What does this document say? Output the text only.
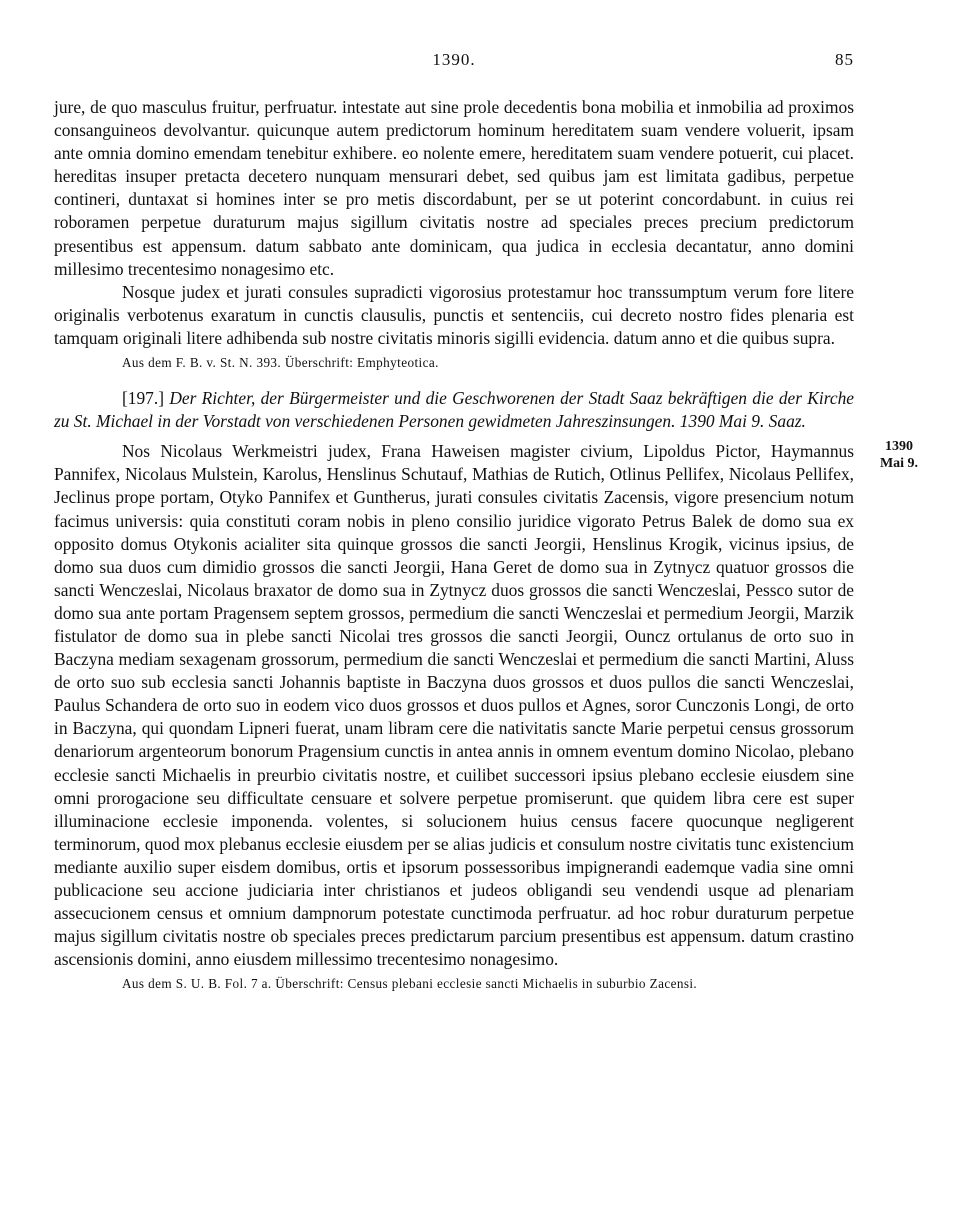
1390.	85
1390
Mai 9.

jure, de quo masculus fruitur, perfruatur. intestate aut sine prole decedentis bona mobilia et inmobilia ad proximos consanguineos devolvantur. quicunque autem predictorum hominum hereditatem suam vendere voluerit, ipsam ante omnia domino emendam tenebitur exhibere. eo nolente emere, hereditatem suam vendere potuerit, cui placet. hereditas insuper pretacta decetero nunquam mensurari debet, sed quibus jam est limitata gadibus, perpetue contineri, duntaxat si homines inter se pro metis discordabunt, per se ut poterint concordabunt. in cuius rei roboramen perpetue duraturum majus sigillum civitatis nostre ad speciales preces precium predictorum presentibus est appensum. datum sabbato ante dominicam, qua judica in ecclesia decantatur, anno domini millesimo trecentesimo nonagesimo etc.

Nosque judex et jurati consules supradicti vigorosius protestamur hoc transsumptum verum fore litere originalis verbotenus exaratum in cunctis clausulis, punctis et sentenciis, cui decreto nostro fides plenaria est tamquam originali litere adhibenda sub nostre civitatis minoris sigilli evidencia. datum anno et die quibus supra.

Aus dem F. B. v. St. N. 393. Überschrift: Emphyteotica.

[197.] Der Richter, der Bürgermeister und die Geschworenen der Stadt Saaz bekräftigen die der Kirche zu St. Michael in der Vorstadt von verschiedenen Personen gewidmeten Jahreszinsungen. 1390 Mai 9. Saaz.

Nos Nicolaus Werkmeistri judex, Frana Haweisen magister civium, Lipoldus Pictor, Haymannus Pannifex, Nicolaus Mulstein, Karolus, Henslinus Schutauf, Mathias de Rutich, Otlinus Pellifex, Nicolaus Pellifex, Jeclinus prope portam, Otyko Pannifex et Guntherus, jurati consules civitatis Zacensis, vigore presencium notum facimus universis: quia constituti coram nobis in pleno consilio juridice vigorato Petrus Balek de domo sua ex opposito domus Otykonis acialiter sita quinque grossos die sancti Jeorgii, Henslinus Krogik, vicinus ipsius, de domo sua duos cum dimidio grossos die sancti Jeorgii, Hana Geret de domo sua in Zytnycz quatuor grossos die sancti Wenczeslai, Nicolaus braxator de domo sua in Zytnycz duos grossos die sancti Wenczeslai, Pessco sutor de domo sua ante portam Pragensem septem grossos, permedium die sancti Wenczeslai et permedium Jeorgii, Marzik fistulator de domo sua in plebe sancti Nicolai tres grossos die sancti Jeorgii, Ouncz ortulanus de orto suo in Baczyna mediam sexagenam grossorum, permedium die sancti Wenczeslai et permedium die sancti Martini, Aluss de orto suo sub ecclesia sancti Johannis baptiste in Baczyna duos grossos et duos pullos die sancti Wenczeslai, Paulus Schandera de orto suo in eodem vico duos grossos et duos pullos et Agnes, soror Cunczonis Longi, de orto in Baczyna, qui quondam Lipneri fuerat, unam libram cere die nativitatis sancte Marie perpetui census grossorum denariorum argenteorum bonorum Pragensium cunctis in antea annis in omnem eventum domino Nicolao, plebano ecclesie sancti Michaelis in preurbio civitatis nostre, et cuilibet successori ipsius plebano ecclesie eiusdem sine omni prorogacione seu difficultate censuare et solvere perpetue promiserunt. que quidem libra cere est super illuminacione ecclesie imponenda. volentes, si solucionem huius census facere quocunque negligerent terminorum, quod mox plebanus ecclesie eiusdem per se alias judicis et consulum nostre civitatis tunc existencium mediante auxilio super eisdem domibus, ortis et ipsorum possessoribus impignerandi eademque vadia sine omni publicacione seu accione judiciaria inter christianos et judeos obligandi seu vendendi usque ad plenariam assecucionem census et omnium dampnorum potestate cunctimoda perfruatur. ad hoc robur duraturum perpetue majus sigillum civitatis nostre ob speciales preces predictarum parcium presentibus est appensum. datum crastino ascensionis domini, anno eiusdem millessimo trecentesimo nonagesimo.

Aus dem S. U. B. Fol. 7 a. Überschrift: Census plebani ecclesie sancti Michaelis in suburbio Zacensi.
